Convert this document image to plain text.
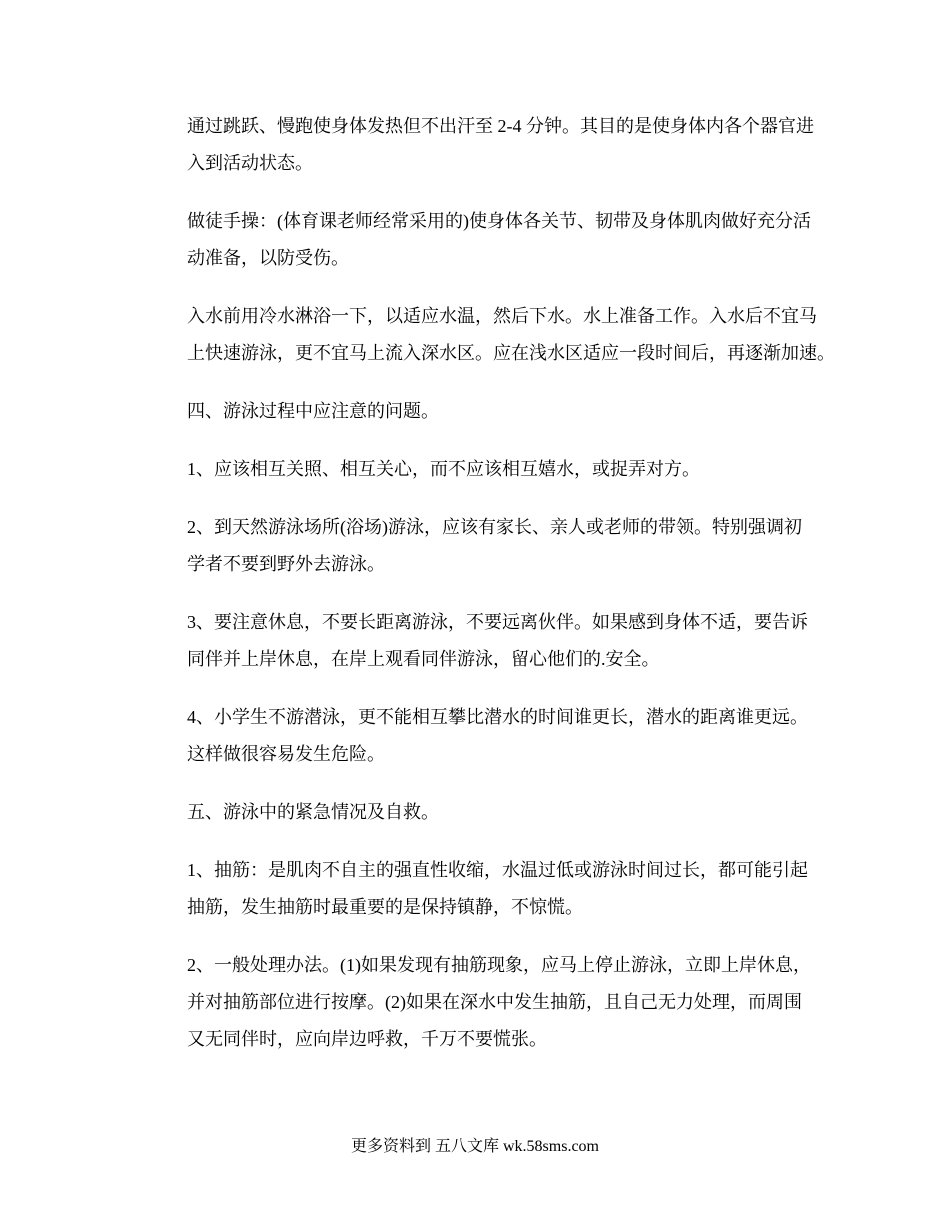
通过跳跃、慢跑使身体发热但不出汗至 2-4 分钟。其目的是使身体内各个器官进
入到活动状态。

做徒手操：(体育课老师经常采用的)使身体各关节、韧带及身体肌肉做好充分活
动准备，以防受伤。

入水前用冷水淋浴一下，以适应水温，然后下水。水上准备工作。入水后不宜马
上快速游泳，更不宜马上流入深水区。应在浅水区适应一段时间后，再逐渐加速。

四、游泳过程中应注意的问题。

1、应该相互关照、相互关心，而不应该相互嬉水，或捉弄对方。

2、到天然游泳场所(浴场)游泳，应该有家长、亲人或老师的带领。特别强调初
学者不要到野外去游泳。

3、要注意休息，不要长距离游泳，不要远离伙伴。如果感到身体不适，要告诉
同伴并上岸休息，在岸上观看同伴游泳，留心他们的.安全。

4、小学生不游潜泳，更不能相互攀比潜水的时间谁更长，潜水的距离谁更远。
这样做很容易发生危险。

五、游泳中的紧急情况及自救。

1、抽筋：是肌肉不自主的强直性收缩，水温过低或游泳时间过长，都可能引起
抽筋，发生抽筋时最重要的是保持镇静，不惊慌。

2、一般处理办法。(1)如果发现有抽筋现象，应马上停止游泳，立即上岸休息，
并对抽筋部位进行按摩。(2)如果在深水中发生抽筋，且自己无力处理，而周围
又无同伴时，应向岸边呼救，千万不要慌张。

更多资料到 五八文库 wk.58sms.com
